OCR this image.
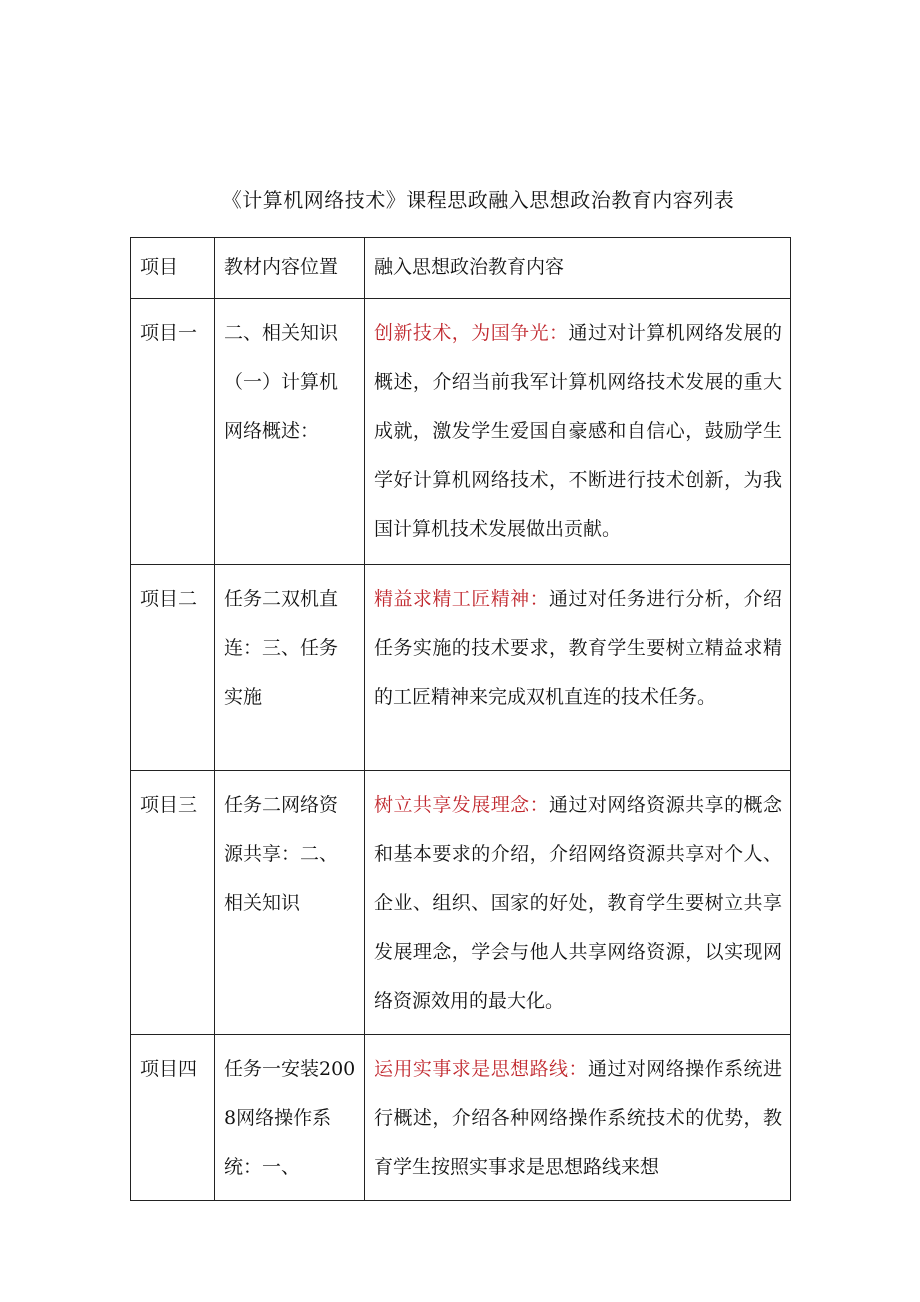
《计算机网络技术》课程思政融入思想政治教育内容列表
项目	教材内容位置	融入思想政治教育内容
项目一	二、相关知识（一）计算机网络概述：	创新技术，为国争光：通过对计算机网络发展的概述，介绍当前我军计算机网络技术发展的重大成就，激发学生爱国自豪感和自信心，鼓励学生学好计算机网络技术，不断进行技术创新，为我国计算机技术发展做出贡献。
项目二	任务二双机直连：三、任务实施	精益求精工匠精神：通过对任务进行分析，介绍任务实施的技术要求，教育学生要树立精益求精的工匠精神来完成双机直连的技术任务。
项目三	任务二网络资源共享：二、相关知识	树立共享发展理念：通过对网络资源共享的概念和基本要求的介绍，介绍网络资源共享对个人、企业、组织、国家的好处，教育学生要树立共享发展理念，学会与他人共享网络资源，以实现网络资源效用的最大化。
项目四	任务一安装2008网络操作系统：一、	运用实事求是思想路线：通过对网络操作系统进行概述，介绍各种网络操作系统技术的优势，教育学生按照实事求是思想路线来想
